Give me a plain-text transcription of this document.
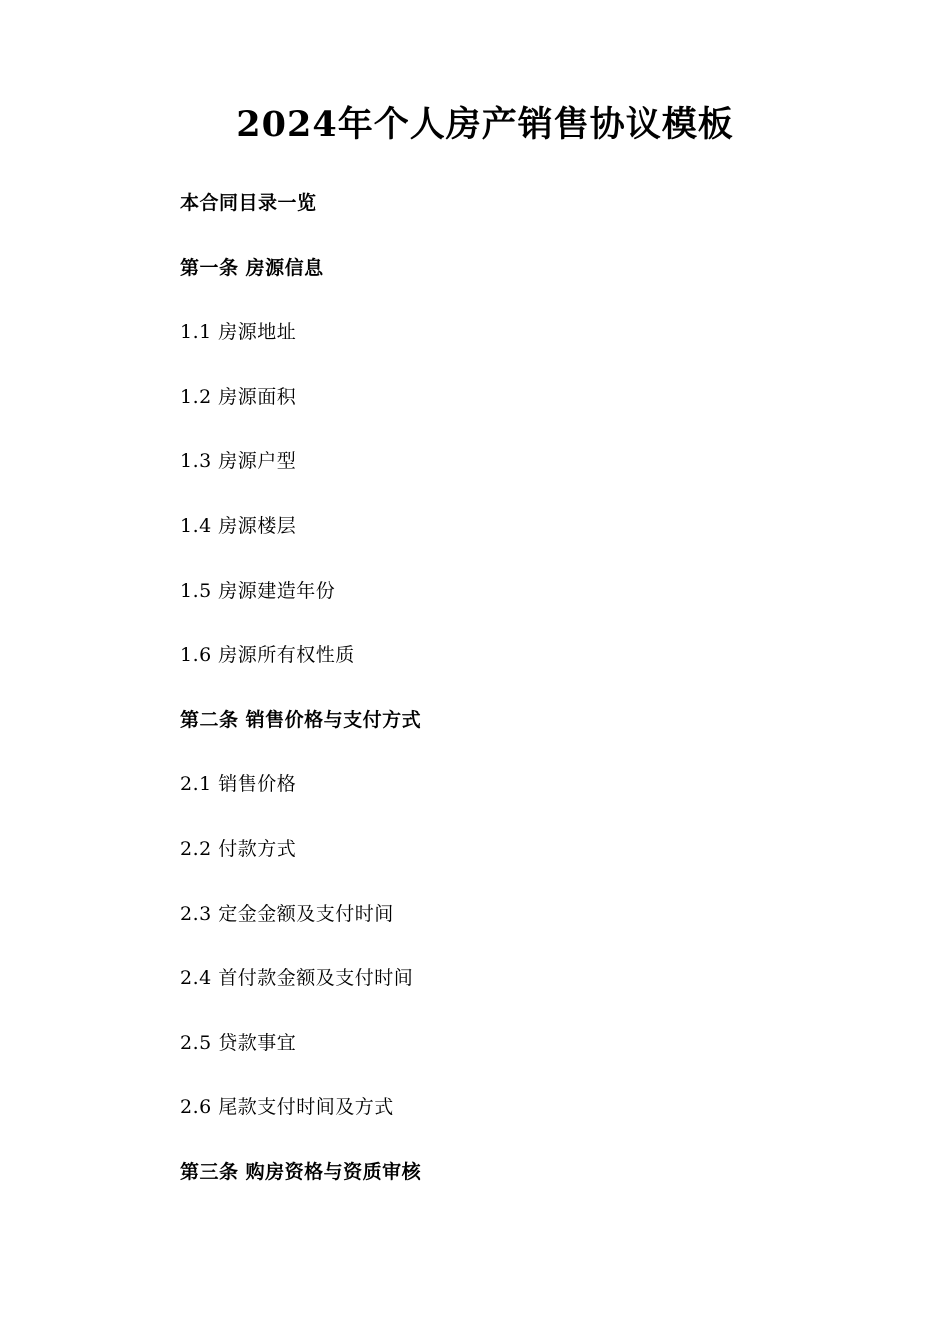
2024年个人房产销售协议模板
本合同目录一览
第一条 房源信息
1.1 房源地址
1.2 房源面积
1.3 房源户型
1.4 房源楼层
1.5 房源建造年份
1.6 房源所有权性质
第二条 销售价格与支付方式
2.1 销售价格
2.2 付款方式
2.3 定金金额及支付时间
2.4 首付款金额及支付时间
2.5 贷款事宜
2.6 尾款支付时间及方式
第三条 购房资格与资质审核
